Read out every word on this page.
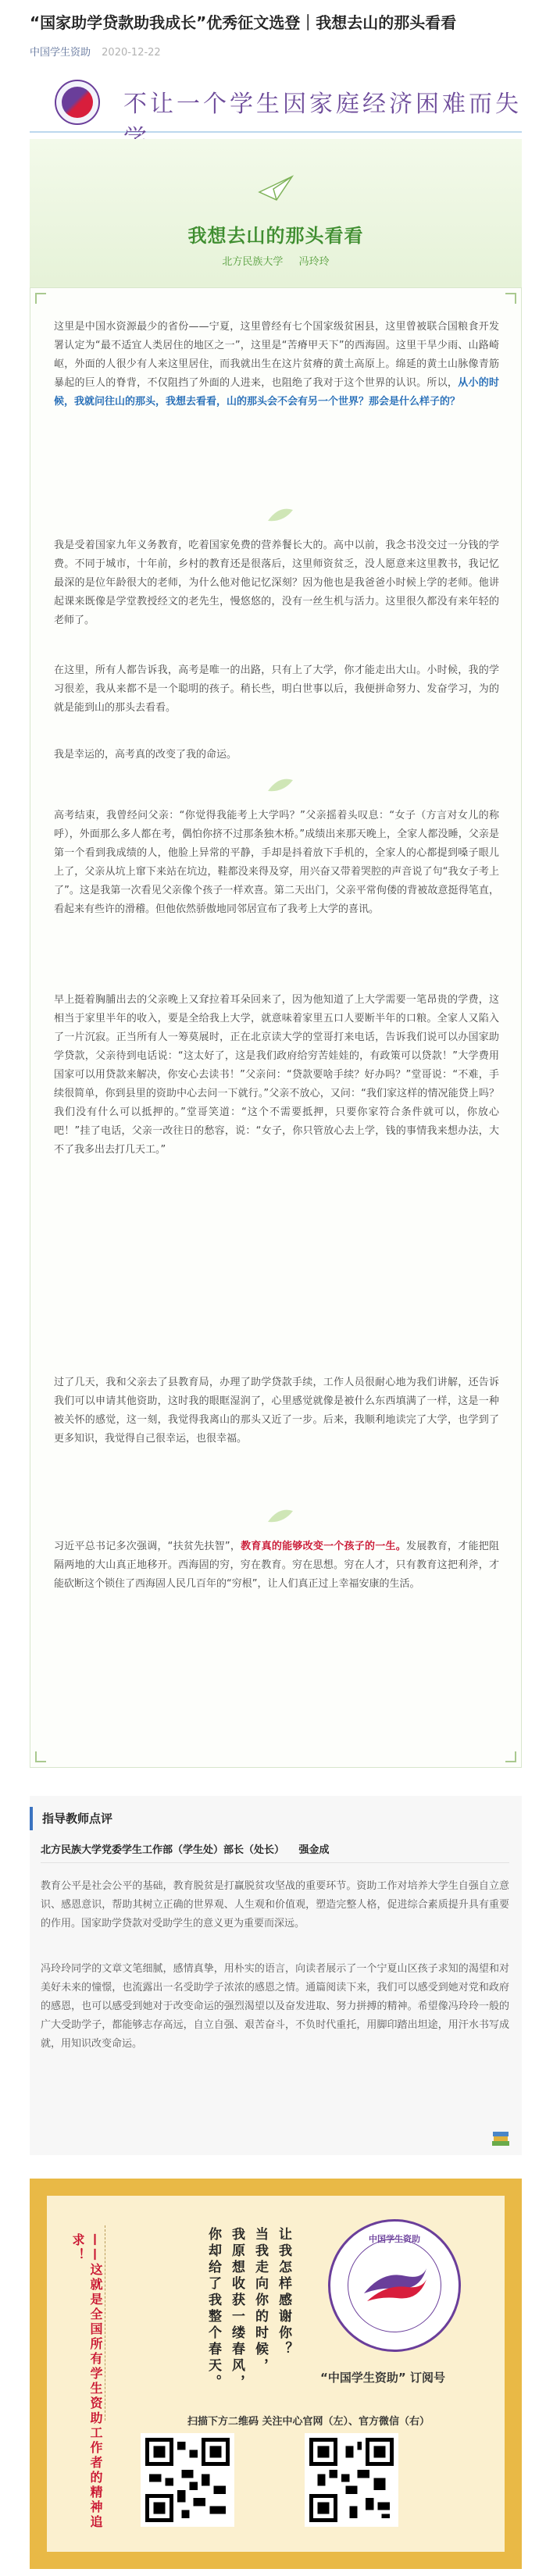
“国家助学贷款助我成长”优秀征文选登｜我想去山的那头看看
中国学生资助 2020-12-22
不让一个学生因家庭经济困难而失
我想去山的那头看看
北方民族大学 冯玲玲
这里是中国水资源最少的省份——宁夏，这里曾经有七个国家级贫困县，这里曾被联合国粮食开发署认定为“最不适宜人类居住的地区之一”，这里是“苦瘠甲天下”的西海固。这里干旱少雨、山路崎岖，外面的人很少有人来这里居住，而我就出生在这片贫瘠的黄土高原上。绵延的黄土山脉像青筋暴起的巨人的脊背，不仅阻挡了外面的人进来，也阻绝了我对于这个世界的认识。所以，从小的时候，我就问往山的那头，我想去看看，山的那头会不会有另一个世界？那会是什么样子的？
我是受着国家九年义务教育，吃着国家免费的营养餐长大的。高中以前，我念书没交过一分钱的学费。不同于城市，十年前，乡村的教育还是很落后，这里师资贫乏，没人愿意来这里教书，我记忆最深的是位年龄很大的老师，为什么他对他记忆深刻？因为他也是我爸爸小时候上学的老师。他讲起课来既像是学堂教授经文的老先生，慢悠悠的，没有一丝生机与活力。这里很久都没有来年轻的老师了。
在这里，所有人都告诉我，高考是唯一的出路，只有上了大学，你才能走出大山。小时候，我的学习很差，我从来都不是一个聪明的孩子。稍长些，明白世事以后，我便拼命努力、发奋学习，为的就是能到山的那头去看看。
我是幸运的，高考真的改变了我的命运。
高考结束，我曾经问父亲：“你觉得我能考上大学吗？”父亲摇着头叹息：“女子（方言对女儿的称呼），外面那么多人都在考，偶怕你挤不过那条独木桥。”成绩出来那天晚上，全家人都没睡，父亲是第一个看到我成绩的人，他脸上异常的平静，手却是抖着放下手机的，全家人的心都提到嗓子眼儿上了，父亲从坑上窜下来站在坑边，鞋都没来得及穿，用兴奋又带着哭腔的声音说了句“我女子考上了”。这是我第一次看见父亲像个孩子一样欢喜。第二天出门，父亲平常佝偻的背被故意挺得笔直，看起来有些许的滑稽。但他依然骄傲地同邻居宣布了我考上大学的喜讯。
早上挺着胸脯出去的父亲晚上又耷拉着耳朵回来了，因为他知道了上大学需要一笔昂贵的学费，这相当于家里半年的收入，要是全给我上大学，就意味着家里五口人要断半年的口粮。全家人又陷入了一片沉寂。正当所有人一筹莫展时，正在北京读大学的堂哥打来电话，告诉我们说可以办国家助学贷款，父亲待到电话说：“这太好了，这是我们政府给穷苦娃娃的，有政策可以贷款！”大学费用国家可以用贷款来解决，你安心去读书！”父亲问：“贷款要啥手续？好办吗？”堂哥说：“不难，手续很简单，你到县里的资助中心去问一下就行。”父亲不放心，又问：“我们家这样的情况能贷上吗？我们没有什么可以抵押的。”堂哥笑道：“这个不需要抵押，只要你家符合条件就可以，你放心吧！”挂了电话，父亲一改往日的愁容，说：“女子，你只管放心去上学，钱的事情我来想办法，大不了我多出去打几天工。”
过了几天，我和父亲去了县教育局，办理了助学贷款手续，工作人员很耐心地为我们讲解，还告诉我们可以申请其他资助，这时我的眼眶湿润了，心里感觉就像是被什么东西填满了一样，这是一种被关怀的感觉，这一刻，我觉得我离山的那头又近了一步。后来，我顺利地读完了大学，也学到了更多知识，我觉得自己很幸运，也很幸福。
习近平总书记多次强调，“扶贫先扶智”，教育真的能够改变一个孩子的一生。发展教育，才能把阻隔两地的大山真正地移开。西海固的穷，穷在教育。穷在思想。穷在人才，只有教育这把利斧，才能砍断这个锁住了西海固人民几百年的“穷根”，让人们真正过上幸福安康的生活。
指导教师点评
北方民族大学党委学生工作部（学生处）部长（处长） 强金成
教育公平是社会公平的基础，教育脱贫是打赢脱贫攻坚战的重要环节。资助工作对培养大学生自强自立意识、感恩意识，帮助其树立正确的世界观、人生观和价值观，塑造完整人格，促进综合素质提升具有重要的作用。国家助学贷款对受助学生的意义更为重要而深远。
冯玲玲同学的文章文笔细腻，感情真挚，用朴实的语言，向读者展示了一个宁夏山区孩子求知的渴望和对美好未来的憧憬，也流露出一名受助学子浓浓的感恩之情。通篇阅读下来，我们可以感受到她对党和政府的感恩，也可以感受到她对于改变命运的强烈渴望以及奋发进取、努力拼搏的精神。希望像冯玲玲一般的广大受助学子，都能够志存高远，自立自强、艰苦奋斗，不负时代重托，用脚印踏出坦途，用汗水书写成就，用知识改变命运。
——这就是全国所有学生资助工作者的精神追求！	让我怎样感谢你？
当我走向你的时候，
我原想收获一缕春风，
你却给了我整个春天。	中国学生资助
“中国学生资助” 订阅号
扫描下方二维码 关注中心官网（左）、官方微信（右）
